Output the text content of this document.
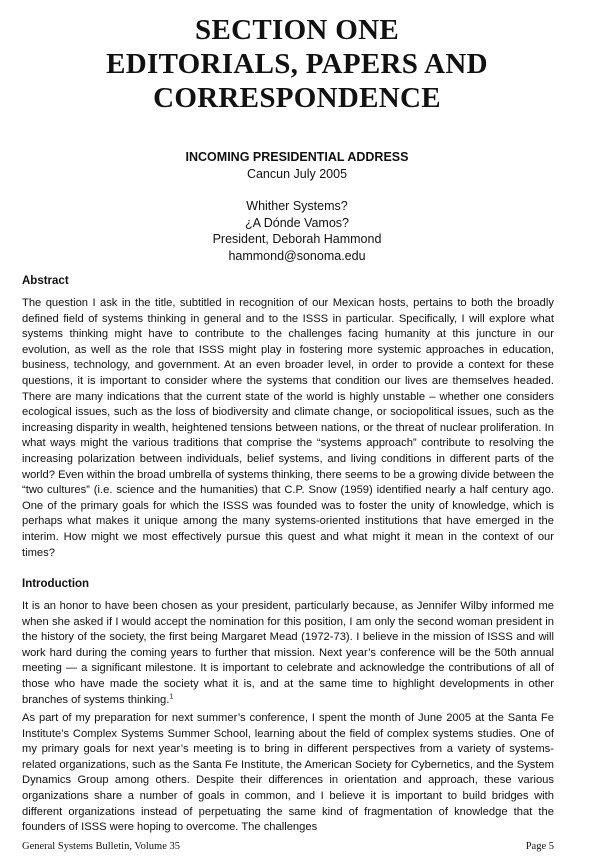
SECTION ONE
EDITORIALS, PAPERS AND
CORRESPONDENCE
INCOMING PRESIDENTIAL ADDRESS
Cancun July 2005
Whither Systems?
¿A Dónde Vamos?
President, Deborah Hammond
hammond@sonoma.edu
Abstract

The question I ask in the title, subtitled in recognition of our Mexican hosts, pertains to both the broadly defined field of systems thinking in general and to the ISSS in particular. Specifically, I will explore what systems thinking might have to contribute to the challenges facing humanity at this juncture in our evolution, as well as the role that ISSS might play in fostering more systemic approaches in education, business, technology, and government. At an even broader level, in order to provide a context for these questions, it is important to consider where the systems that condition our lives are themselves headed. There are many indications that the current state of the world is highly unstable – whether one considers ecological issues, such as the loss of biodiversity and climate change, or sociopolitical issues, such as the increasing disparity in wealth, heightened tensions between nations, or the threat of nuclear proliferation. In what ways might the various traditions that comprise the “systems approach” contribute to resolving the increasing polarization between individuals, belief systems, and living conditions in different parts of the world? Even within the broad umbrella of systems thinking, there seems to be a growing divide between the “two cultures” (i.e. science and the humanities) that C.P. Snow (1959) identified nearly a half century ago. One of the primary goals for which the ISSS was founded was to foster the unity of knowledge, which is perhaps what makes it unique among the many systems-oriented institutions that have emerged in the interim. How might we most effectively pursue this quest and what might it mean in the context of our times?

Introduction

It is an honor to have been chosen as your president, particularly because, as Jennifer Wilby informed me when she asked if I would accept the nomination for this position, I am only the second woman president in the history of the society, the first being Margaret Mead (1972-73). I believe in the mission of ISSS and will work hard during the coming years to further that mission. Next year’s conference will be the 50th annual meeting — a significant milestone. It is important to celebrate and acknowledge the contributions of all of those who have made the society what it is, and at the same time to highlight developments in other branches of systems thinking.$^1$

As part of my preparation for next summer’s conference, I spent the month of June 2005 at the Santa Fe Institute’s Complex Systems Summer School, learning about the field of complex systems studies. One of my primary goals for next year’s meeting is to bring in different perspectives from a variety of systems-related organizations, such as the Santa Fe Institute, the American Society for Cybernetics, and the System Dynamics Group among others. Despite their differences in orientation and approach, these various organizations share a number of goals in common, and I believe it is important to build bridges with different organizations instead of perpetuating the same kind of fragmentation of knowledge that the founders of ISSS were hoping to overcome. The challenges

General Systems Bulletin, Volume 35	Page 5
